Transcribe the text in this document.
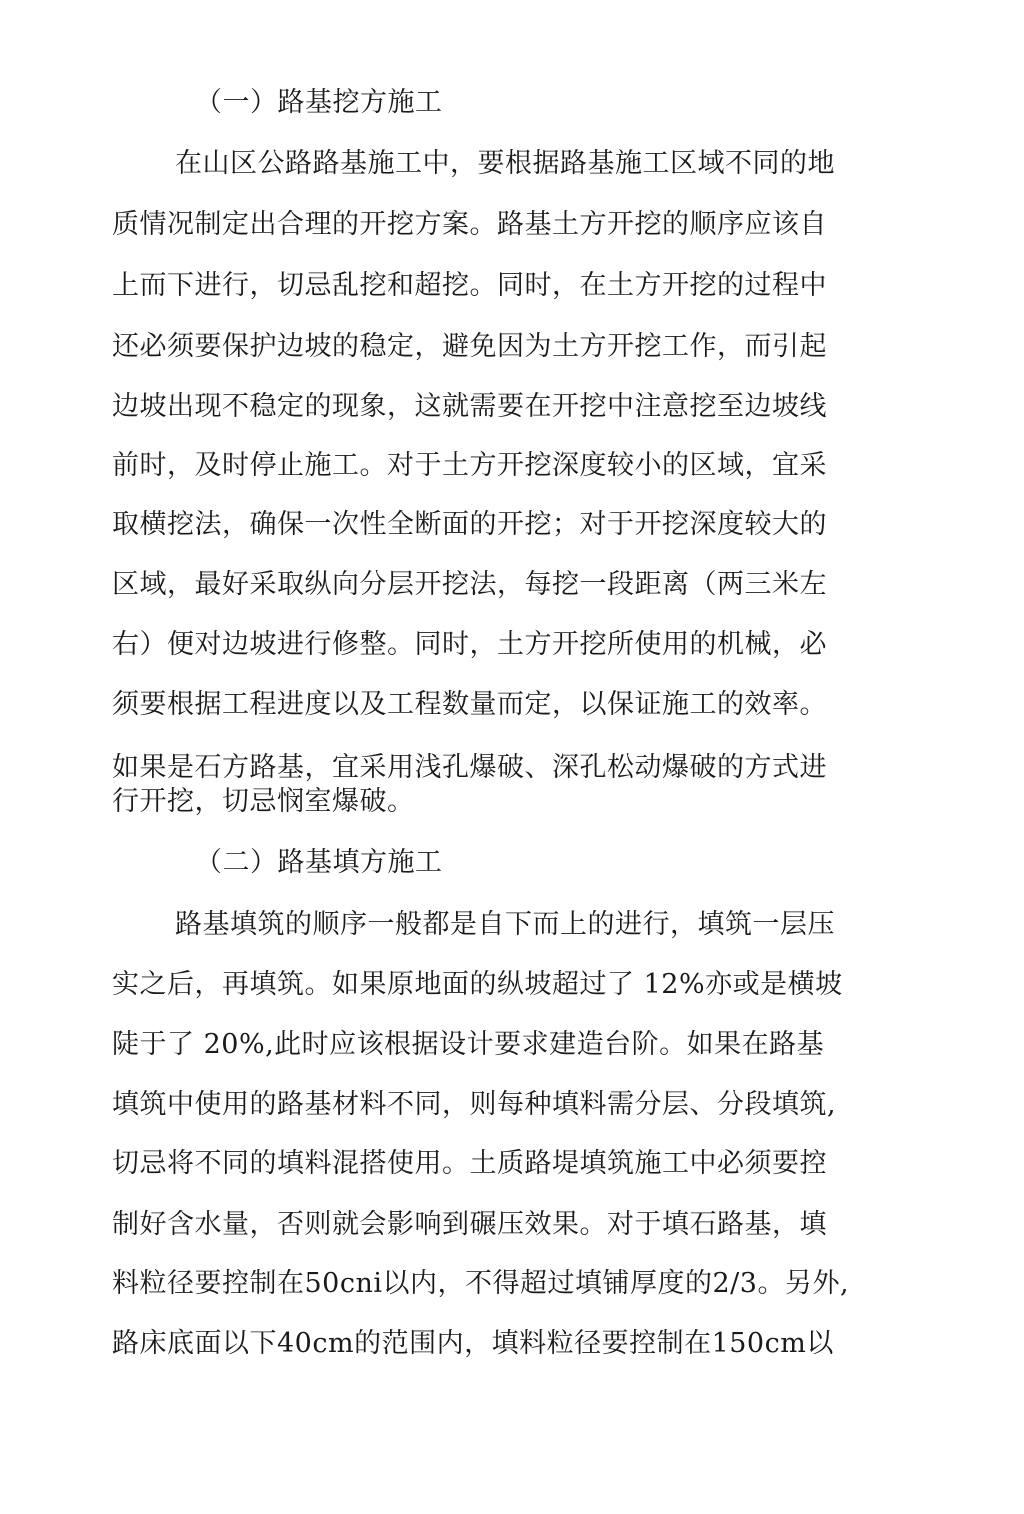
（一）路基挖方施工
在山区公路路基施工中，要根据路基施工区域不同的地
质情况制定出合理的开挖方案。路基土方开挖的顺序应该自
上而下进行，切忌乱挖和超挖。同时，在土方开挖的过程中
还必须要保护边坡的稳定，避免因为土方开挖工作，而引起
边坡出现不稳定的现象，这就需要在开挖中注意挖至边坡线
前时，及时停止施工。对于土方开挖深度较小的区域，宜采
取横挖法，确保一次性全断面的开挖；对于开挖深度较大的
区域，最好采取纵向分层开挖法，每挖一段距离（两三米左
右）便对边坡进行修整。同时，土方开挖所使用的机械，必
须要根据工程进度以及工程数量而定，以保证施工的效率。
如果是石方路基，宜采用浅孔爆破、深孔松动爆破的方式进
行开挖，切忌悯室爆破。
（二）路基填方施工
路基填筑的顺序一般都是自下而上的进行，填筑一层压
实之后，再填筑。如果原地面的纵坡超过了 12%亦或是横坡
陡于了 20%,此时应该根据设计要求建造台阶。如果在路基
填筑中使用的路基材料不同，则每种填料需分层、分段填筑,
切忌将不同的填料混搭使用。土质路堤填筑施工中必须要控
制好含水量，否则就会影响到碾压效果。对于填石路基，填
料粒径要控制在50cni以内，不得超过填铺厚度的2/3。另外,
路床底面以下40cm的范围内，填料粒径要控制在150cm以
